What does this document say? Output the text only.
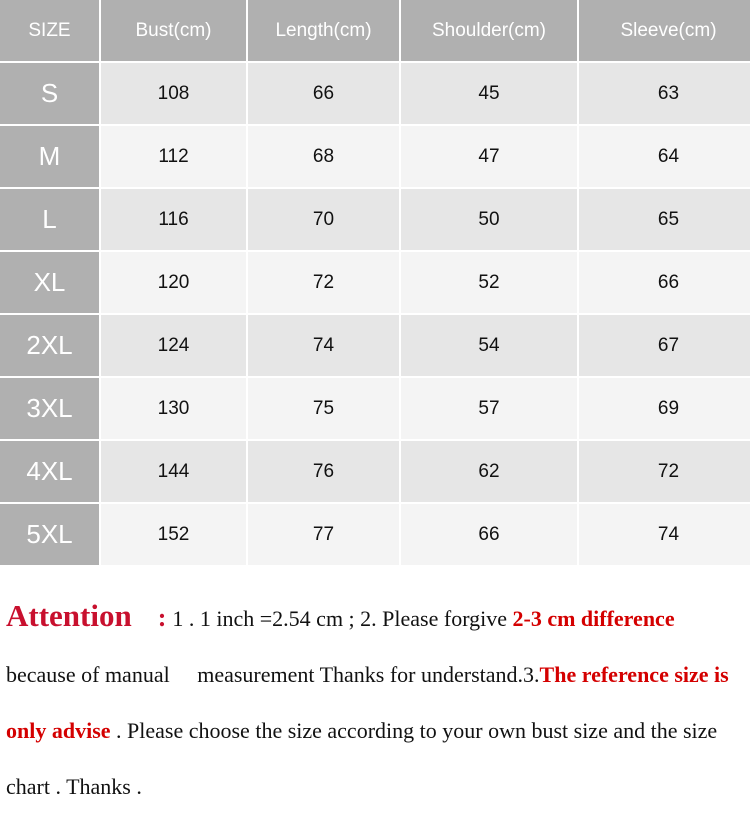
SIZE	Bust(cm)	Length(cm)	Shoulder(cm)	Sleeve(cm)
S	108	66	45	63
M	112	68	47	64
L	116	70	50	65
XL	120	72	52	66
2XL	124	74	54	67
3XL	130	75	57	69
4XL	144	76	62	72
5XL	152	77	66	74
Attention : 1 . 1 inch =2.54 cm ; 2. Please forgive 2-3 cm difference because of manual     measurement Thanks for understand.3.The reference size is only advise . Please choose the size according to your own bust size and the size chart . Thanks .
